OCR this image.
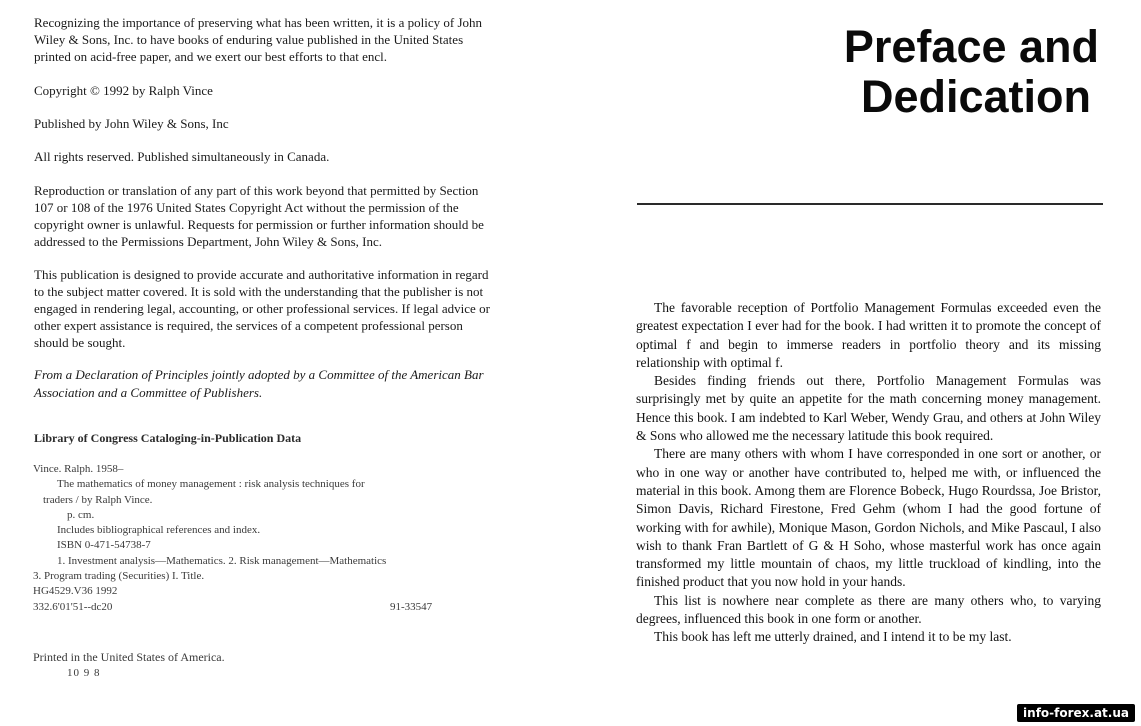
Recognizing the importance of preserving what has been written, it is a policy of John Wiley & Sons, Inc. to have books of enduring value published in the United States printed on acid-free paper, and we exert our best efforts to that encl.

Copyright © 1992 by Ralph Vince

Published by John Wiley & Sons, Inc

All rights reserved. Published simultaneously in Canada.

Reproduction or translation of any part of this work beyond that permitted by Section 107 or 108 of the 1976 United States Copyright Act without the permission of the copyright owner is unlawful. Requests for permission or further information should be addressed to the Permissions Department, John Wiley & Sons, Inc.

This publication is designed to provide accurate and authoritative information in regard to the subject matter covered. It is sold with the understanding that the publisher is not engaged in rendering legal, accounting, or other professional services. If legal advice or other expert assistance is required, the services of a competent professional person should be sought.

From a Declaration of Principles jointly adopted by a Committee of the American Bar Association and a Committee of Publishers.

Library of Congress Cataloging-in-Publication Data
Vince. Ralph. 1958–
The mathematics of money management : risk analysis techniques for
traders / by Ralph Vince.
p. cm.
Includes bibliographical references and index.
ISBN 0-471-54738-7
1. Investment analysis—Mathematics. 2. Risk management—Mathematics
3. Program trading (Securities) I. Title.
HG4529.V36 1992
332.6'01'51--dc20	91-33547
Printed in the United States of America.
10 9 8
Preface and
Dedication

The favorable reception of Portfolio Management Formulas exceeded even the greatest expectation I ever had for the book. I had written it to promote the concept of optimal f and begin to immerse readers in portfolio theory and its missing relationship with optimal f.

Besides finding friends out there, Portfolio Management Formulas was surprisingly met by quite an appetite for the math concerning money management. Hence this book. I am indebted to Karl Weber, Wendy Grau, and others at John Wiley & Sons who allowed me the necessary latitude this book required.

There are many others with whom I have corresponded in one sort or another, or who in one way or another have contributed to, helped me with, or influenced the material in this book. Among them are Florence Bobeck, Hugo Rourdssa, Joe Bristor, Simon Davis, Richard Firestone, Fred Gehm (whom I had the good fortune of working with for awhile), Monique Mason, Gordon Nichols, and Mike Pascaul, I also wish to thank Fran Bartlett of G & H Soho, whose masterful work has once again transformed my little mountain of chaos, my little truckload of kindling, into the finished product that you now hold in your hands.

This list is nowhere near complete as there are many others who, to varying degrees, influenced this book in one form or another.

This book has left me utterly drained, and I intend it to be my last.

info-forex.at.ua
